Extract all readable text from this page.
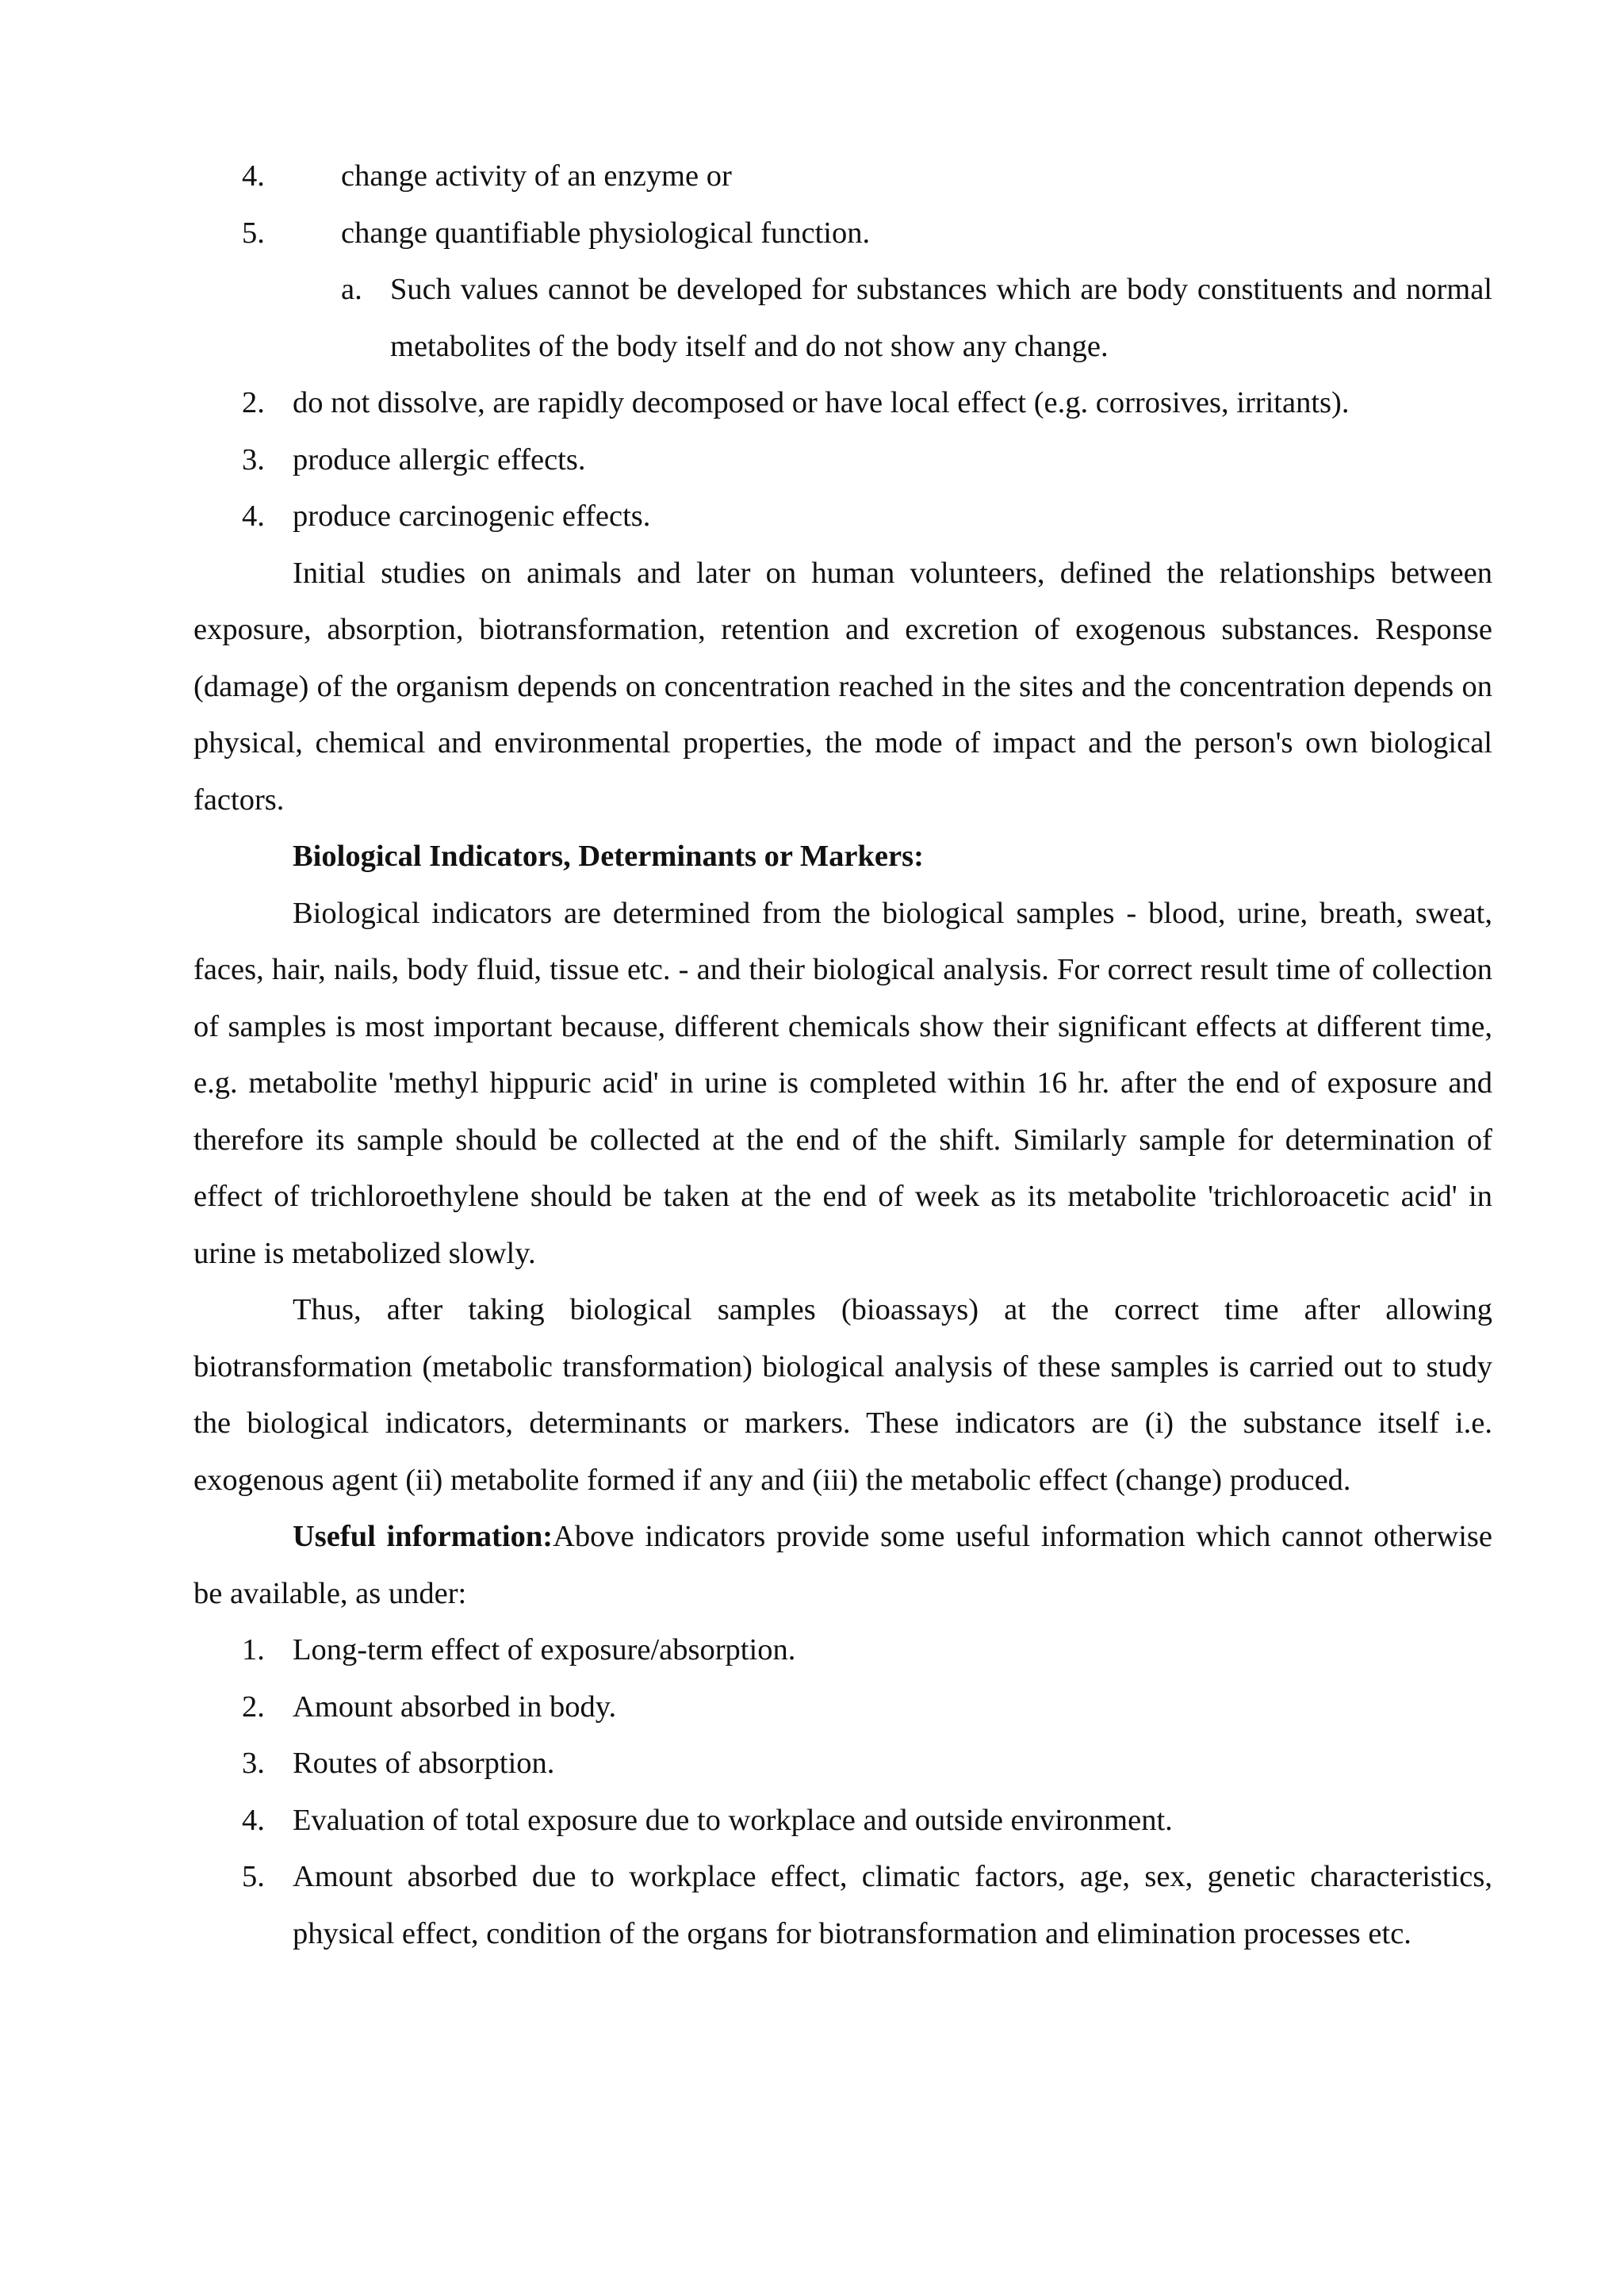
4. change activity of an enzyme or
5. change quantifiable physiological function.
a. Such values cannot be developed for substances which are body constituents and normal metabolites of the body itself and do not show any change.
2. do not dissolve, are rapidly decomposed or have local effect (e.g. corrosives, irritants).
3. produce allergic effects.
4. produce carcinogenic effects.

Initial studies on animals and later on human volunteers, defined the relationships between exposure, absorption, biotransformation, retention and excretion of exogenous substances. Response (damage) of the organism depends on concentration reached in the sites and the concentration depends on physical, chemical and environmental properties, the mode of impact and the person's own biological factors.

Biological Indicators, Determinants or Markers:

Biological indicators are determined from the biological samples - blood, urine, breath, sweat, faces, hair, nails, body fluid, tissue etc. - and their biological analysis. For correct result time of collection of samples is most important because, different chemicals show their significant effects at different time, e.g. metabolite 'methyl hippuric acid' in urine is completed within 16 hr. after the end of exposure and therefore its sample should be collected at the end of the shift. Similarly sample for determination of effect of trichloroethylene should be taken at the end of week as its metabolite 'trichloroacetic acid' in urine is metabolized slowly.

Thus, after taking biological samples (bioassays) at the correct time after allowing biotransformation (metabolic transformation) biological analysis of these samples is carried out to study the biological indicators, determinants or markers. These indicators are (i) the substance itself i.e. exogenous agent (ii) metabolite formed if any and (iii) the metabolic effect (change) produced.

Useful information:Above indicators provide some useful information which cannot otherwise be available, as under:

1. Long-term effect of exposure/absorption.
2. Amount absorbed in body.
3. Routes of absorption.
4. Evaluation of total exposure due to workplace and outside environment.
5. Amount absorbed due to workplace effect, climatic factors, age, sex, genetic characteristics, physical effect, condition of the organs for biotransformation and elimination processes etc.
